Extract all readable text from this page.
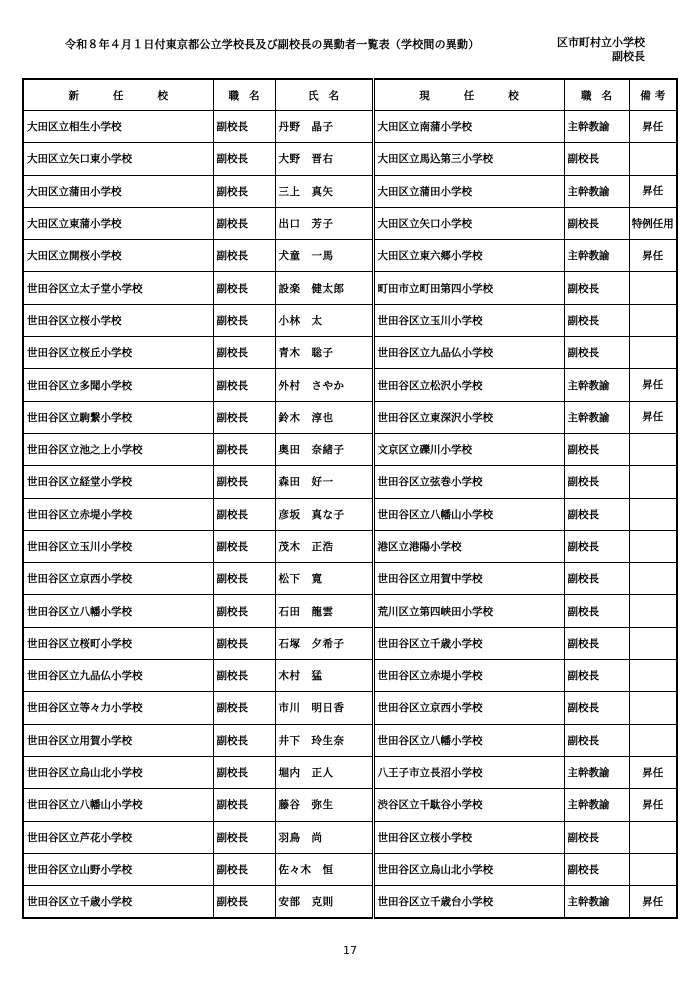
令和８年４月１日付東京都公立学校長及び副校長の異動者一覧表（学校間の異動）	区市町村立小学校
副校長
新任校	職名	氏名	現任校	職名	備考
大田区立相生小学校	副校長	丹野　晶子	大田区立南蒲小学校	主幹教諭	昇任
大田区立矢口東小学校	副校長	大野　晋右	大田区立馬込第三小学校	副校長	
大田区立蒲田小学校	副校長	三上　真矢	大田区立蒲田小学校	主幹教諭	昇任
大田区立東蒲小学校	副校長	出口　芳子	大田区立矢口小学校	副校長	特例任用
大田区立開桜小学校	副校長	犬童　一馬	大田区立東六郷小学校	主幹教諭	昇任
世田谷区立太子堂小学校	副校長	設楽　健太郎	町田市立町田第四小学校	副校長	
世田谷区立桜小学校	副校長	小林　太	世田谷区立玉川小学校	副校長	
世田谷区立桜丘小学校	副校長	青木　聡子	世田谷区立九品仏小学校	副校長	
世田谷区立多聞小学校	副校長	外村　さやか	世田谷区立松沢小学校	主幹教諭	昇任
世田谷区立駒繋小学校	副校長	鈴木　淳也	世田谷区立東深沢小学校	主幹教諭	昇任
世田谷区立池之上小学校	副校長	奥田　奈緒子	文京区立礫川小学校	副校長	
世田谷区立経堂小学校	副校長	森田　好一	世田谷区立弦巻小学校	副校長	
世田谷区立赤堤小学校	副校長	彦坂　真な子	世田谷区立八幡山小学校	副校長	
世田谷区立玉川小学校	副校長	茂木　正浩	港区立港陽小学校	副校長	
世田谷区立京西小学校	副校長	松下　寛	世田谷区立用賀中学校	副校長	
世田谷区立八幡小学校	副校長	石田　龍雲	荒川区立第四峡田小学校	副校長	
世田谷区立桜町小学校	副校長	石塚　夕希子	世田谷区立千歳小学校	副校長	
世田谷区立九品仏小学校	副校長	木村　猛	世田谷区立赤堤小学校	副校長	
世田谷区立等々力小学校	副校長	市川　明日香	世田谷区立京西小学校	副校長	
世田谷区立用賀小学校	副校長	井下　玲生奈	世田谷区立八幡小学校	副校長	
世田谷区立烏山北小学校	副校長	堀内　正人	八王子市立長沼小学校	主幹教諭	昇任
世田谷区立八幡山小学校	副校長	藤谷　弥生	渋谷区立千駄谷小学校	主幹教諭	昇任
世田谷区立芦花小学校	副校長	羽鳥　尚	世田谷区立桜小学校	副校長	
世田谷区立山野小学校	副校長	佐々木　恒	世田谷区立烏山北小学校	副校長	
世田谷区立千歳小学校	副校長	安部　克則	世田谷区立千歳台小学校	主幹教諭	昇任
17
